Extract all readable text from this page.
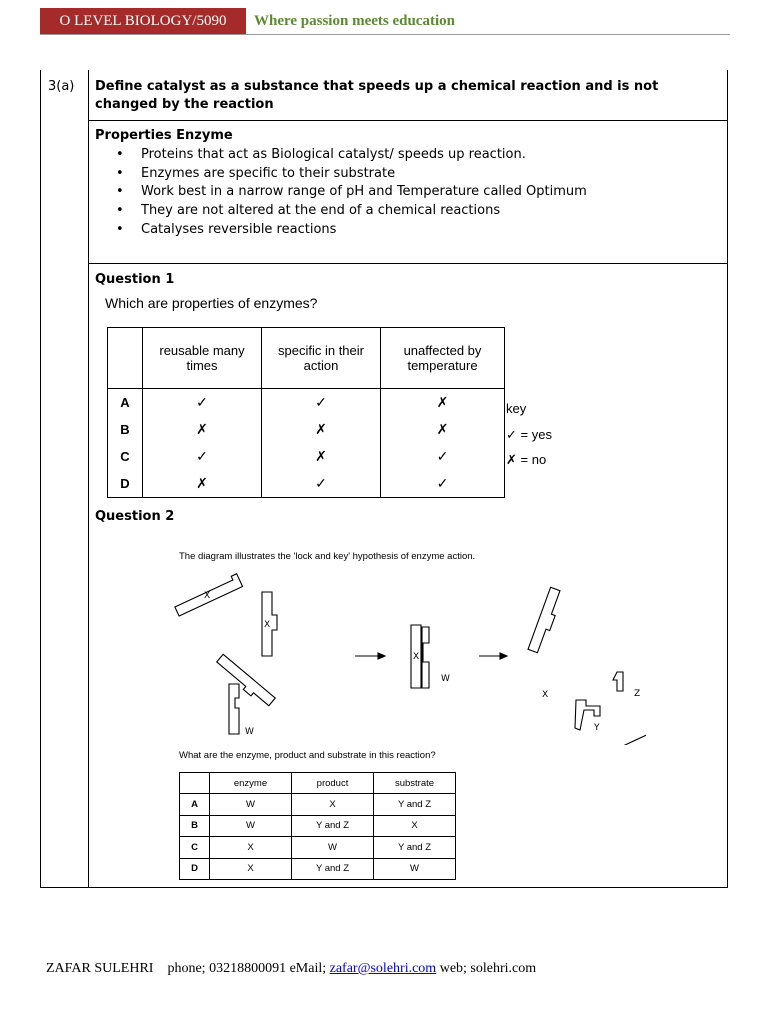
O LEVEL BIOLOGY/5090	Where passion meets education
3(a) Define catalyst as a substance that speeds up a chemical reaction and is not changed by the reaction
Properties Enzyme
• Proteins that act as Biological catalyst/ speeds up reaction.
• Enzymes are specific to their substrate
• Work best in a narrow range of pH and Temperature called Optimum
• They are not altered at the end of a chemical reactions
• Catalyses reversible reactions
Question 1
Which are properties of enzymes?
	reusable many times	specific in their action	unaffected by temperature
A	✓	✓	✗
B	✗	✗	✗
C	✓	✗	✓
D	✗	✓	✓
key
✓ = yes
✗ = no
Question 2
The diagram illustrates the 'lock and key' hypothesis of enzyme action.
X
X
W
X
W
X	Z
Y
What are the enzyme, product and substrate in this reaction?
	enzyme	product	substrate
A	W	X	Y and Z
B	W	Y and Z	X
C	X	W	Y and Z
D	X	Y and Z	W
ZAFAR SULEHRI phone; 03218800091 eMail; zafar@solehri.com web; solehri.com
